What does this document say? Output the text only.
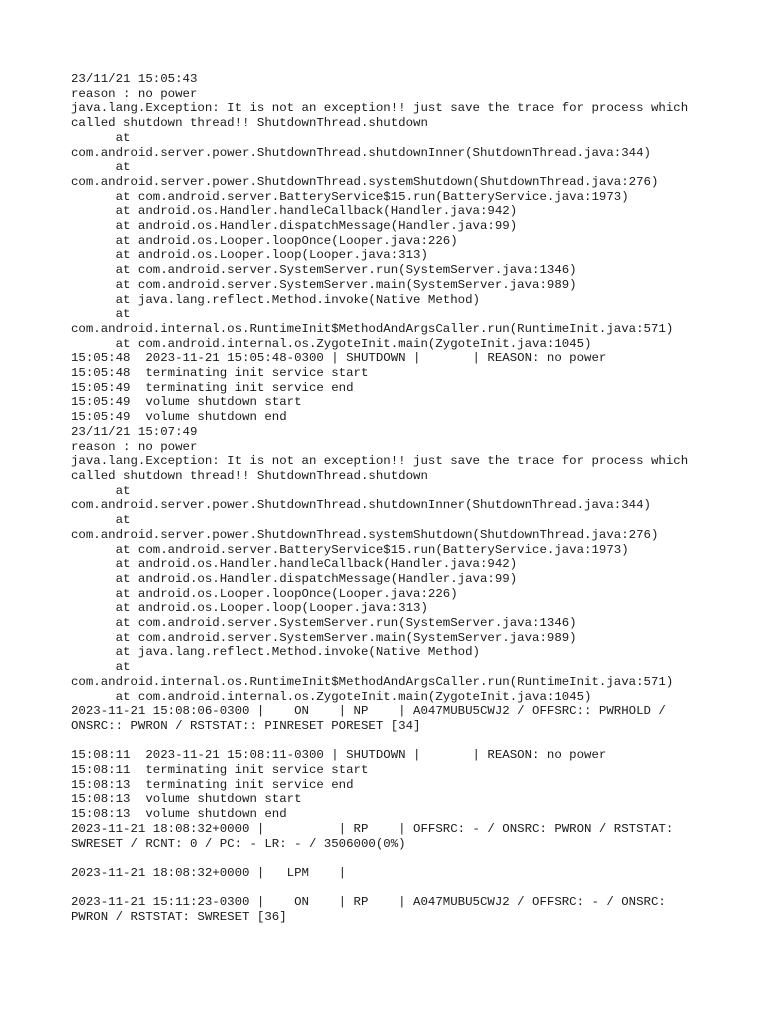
23/11/21 15:05:43
reason : no power
java.lang.Exception: It is not an exception!! just save the trace for process which
called shutdown thread!! ShutdownThread.shutdown
at
com.android.server.power.ShutdownThread.shutdownInner(ShutdownThread.java:344)
at
com.android.server.power.ShutdownThread.systemShutdown(ShutdownThread.java:276)
at com.android.server.BatteryService$15.run(BatteryService.java:1973)
at android.os.Handler.handleCallback(Handler.java:942)
at android.os.Handler.dispatchMessage(Handler.java:99)
at android.os.Looper.loopOnce(Looper.java:226)
at android.os.Looper.loop(Looper.java:313)
at com.android.server.SystemServer.run(SystemServer.java:1346)
at com.android.server.SystemServer.main(SystemServer.java:989)
at java.lang.reflect.Method.invoke(Native Method)
at
com.android.internal.os.RuntimeInit$MethodAndArgsCaller.run(RuntimeInit.java:571)
at com.android.internal.os.ZygoteInit.main(ZygoteInit.java:1045)
15:05:48  2023-11-21 15:05:48-0300 | SHUTDOWN |       | REASON: no power
15:05:48  terminating init service start
15:05:49  terminating init service end
15:05:49  volume shutdown start
15:05:49  volume shutdown end
23/11/21 15:07:49
reason : no power
java.lang.Exception: It is not an exception!! just save the trace for process which
called shutdown thread!! ShutdownThread.shutdown
at
com.android.server.power.ShutdownThread.shutdownInner(ShutdownThread.java:344)
at
com.android.server.power.ShutdownThread.systemShutdown(ShutdownThread.java:276)
at com.android.server.BatteryService$15.run(BatteryService.java:1973)
at android.os.Handler.handleCallback(Handler.java:942)
at android.os.Handler.dispatchMessage(Handler.java:99)
at android.os.Looper.loopOnce(Looper.java:226)
at android.os.Looper.loop(Looper.java:313)
at com.android.server.SystemServer.run(SystemServer.java:1346)
at com.android.server.SystemServer.main(SystemServer.java:989)
at java.lang.reflect.Method.invoke(Native Method)
at
com.android.internal.os.RuntimeInit$MethodAndArgsCaller.run(RuntimeInit.java:571)
at com.android.internal.os.ZygoteInit.main(ZygoteInit.java:1045)
2023-11-21 15:08:06-0300 |    ON    | NP    | A047MUBU5CWJ2 / OFFSRC:: PWRHOLD /
ONSRC:: PWRON / RSTSTAT:: PINRESET PORESET [34]
15:08:11  2023-11-21 15:08:11-0300 | SHUTDOWN |       | REASON: no power
15:08:11  terminating init service start
15:08:13  terminating init service end
15:08:13  volume shutdown start
15:08:13  volume shutdown end
2023-11-21 18:08:32+0000 |          | RP    | OFFSRC: - / ONSRC: PWRON / RSTSTAT:
SWRESET / RCNT: 0 / PC: - LR: - / 3506000(0%)
2023-11-21 18:08:32+0000 |   LPM    |
2023-11-21 15:11:23-0300 |    ON    | RP    | A047MUBU5CWJ2 / OFFSRC: - / ONSRC:
PWRON / RSTSTAT: SWRESET [36]
